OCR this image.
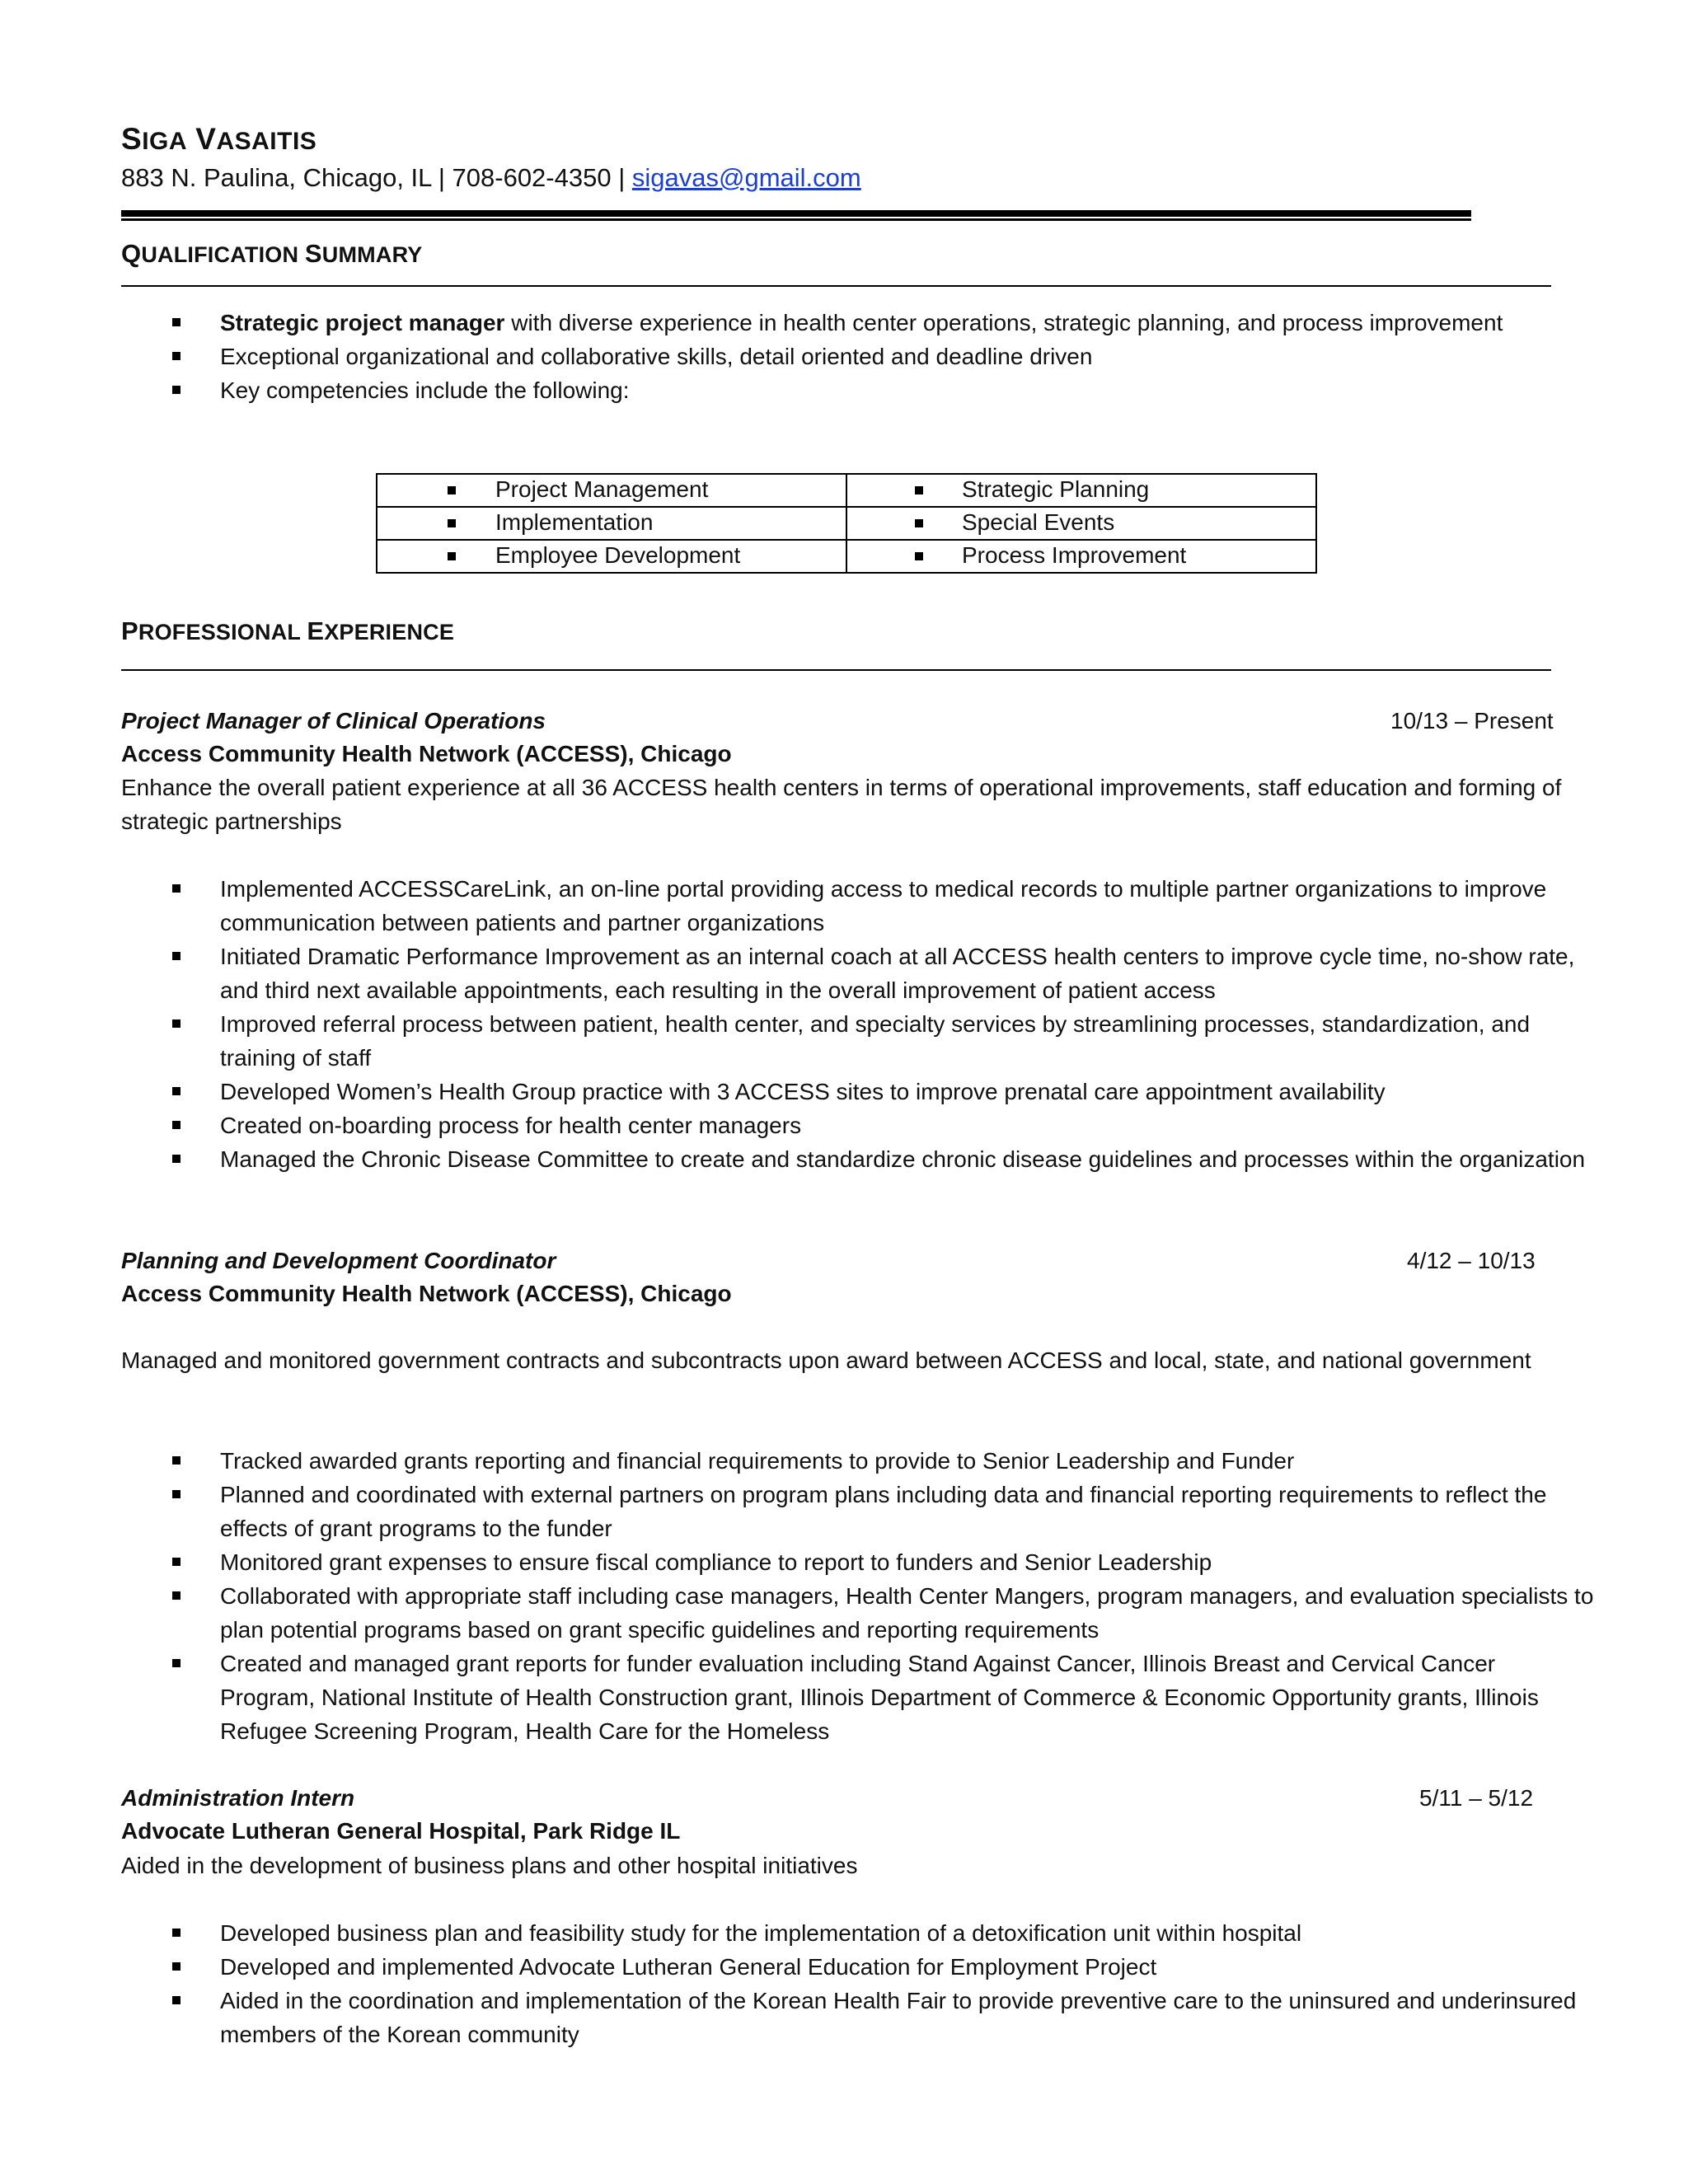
SIGA VASAITIS
883 N. Paulina, Chicago, IL | 708-602-4350 | sigavas@gmail.com
QUALIFICATION SUMMARY
Strategic project manager with diverse experience in health center operations, strategic planning, and process improvement
Exceptional organizational and collaborative skills, detail oriented and deadline driven
Key competencies include the following:
Project Management	Strategic Planning

Implementation	Special Events

Employee Development	Process Improvement
PROFESSIONAL EXPERIENCE
Project Manager of Clinical Operations	10/13 – Present
Access Community Health Network (ACCESS), Chicago
Enhance the overall patient experience at all 36 ACCESS health centers in terms of operational improvements, staff education and forming of strategic partnerships
Implemented ACCESSCareLink, an on-line portal providing access to medical records to multiple partner organizations to improve communication between patients and partner organizations
Initiated Dramatic Performance Improvement as an internal coach at all ACCESS health centers to improve cycle time, no-show rate, and third next available appointments, each resulting in the overall improvement of patient access
Improved referral process between patient, health center, and specialty services by streamlining processes, standardization, and training of staff
Developed Women’s Health Group practice with 3 ACCESS sites to improve prenatal care appointment availability
Created on-boarding process for health center managers
Managed the Chronic Disease Committee to create and standardize chronic disease guidelines and processes within the organization
Planning and Development Coordinator	4/12 – 10/13
Access Community Health Network (ACCESS), Chicago
Managed and monitored government contracts and subcontracts upon award between ACCESS and local, state, and national government
Tracked awarded grants reporting and financial requirements to provide to Senior Leadership and Funder
Planned and coordinated with external partners on program plans including data and financial reporting requirements to reflect the effects of grant programs to the funder
Monitored grant expenses to ensure fiscal compliance to report to funders and Senior Leadership
Collaborated with appropriate staff including case managers, Health Center Mangers, program managers, and evaluation specialists to plan potential programs based on grant specific guidelines and reporting requirements
Created and managed grant reports for funder evaluation including Stand Against Cancer, Illinois Breast and Cervical Cancer Program, National Institute of Health Construction grant, Illinois Department of Commerce & Economic Opportunity grants, Illinois Refugee Screening Program, Health Care for the Homeless
Administration Intern	5/11 – 5/12
Advocate Lutheran General Hospital, Park Ridge IL
Aided in the development of business plans and other hospital initiatives
Developed business plan and feasibility study for the implementation of a detoxification unit within hospital
Developed and implemented Advocate Lutheran General Education for Employment Project
Aided in the coordination and implementation of the Korean Health Fair to provide preventive care to the uninsured and underinsured members of the Korean community
